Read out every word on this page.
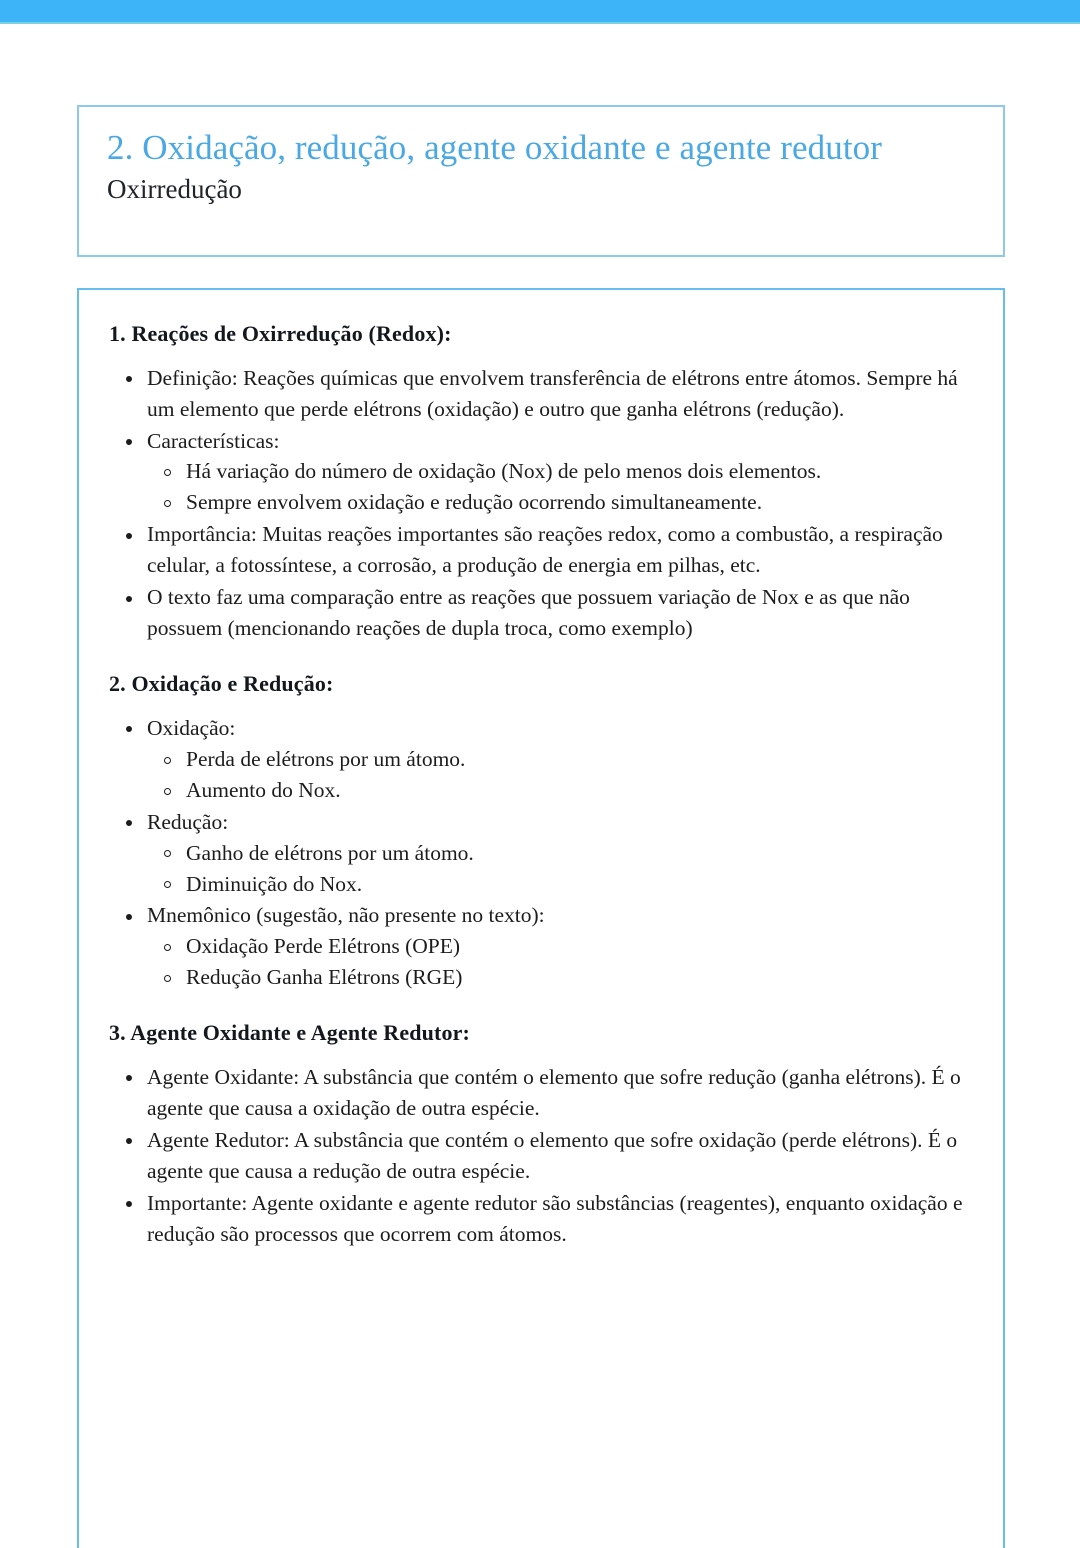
2. Oxidação, redução, agente oxidante e agente redutor
Oxirredução
1. Reações de Oxirredução (Redox):
Definição: Reações químicas que envolvem transferência de elétrons entre átomos. Sempre há um elemento que perde elétrons (oxidação) e outro que ganha elétrons (redução).
Características:
Há variação do número de oxidação (Nox) de pelo menos dois elementos.
Sempre envolvem oxidação e redução ocorrendo simultaneamente.
Importância: Muitas reações importantes são reações redox, como a combustão, a respiração celular, a fotossíntese, a corrosão, a produção de energia em pilhas, etc.
O texto faz uma comparação entre as reações que possuem variação de Nox e as que não possuem (mencionando reações de dupla troca, como exemplo)
2. Oxidação e Redução:
Oxidação:
Perda de elétrons por um átomo.
Aumento do Nox.
Redução:
Ganho de elétrons por um átomo.
Diminuição do Nox.
Mnemônico (sugestão, não presente no texto):
Oxidação Perde Elétrons (OPE)
Redução Ganha Elétrons (RGE)
3. Agente Oxidante e Agente Redutor:
Agente Oxidante: A substância que contém o elemento que sofre redução (ganha elétrons). É o agente que causa a oxidação de outra espécie.
Agente Redutor: A substância que contém o elemento que sofre oxidação (perde elétrons). É o agente que causa a redução de outra espécie.
Importante: Agente oxidante e agente redutor são substâncias (reagentes), enquanto oxidação e redução são processos que ocorrem com átomos.
